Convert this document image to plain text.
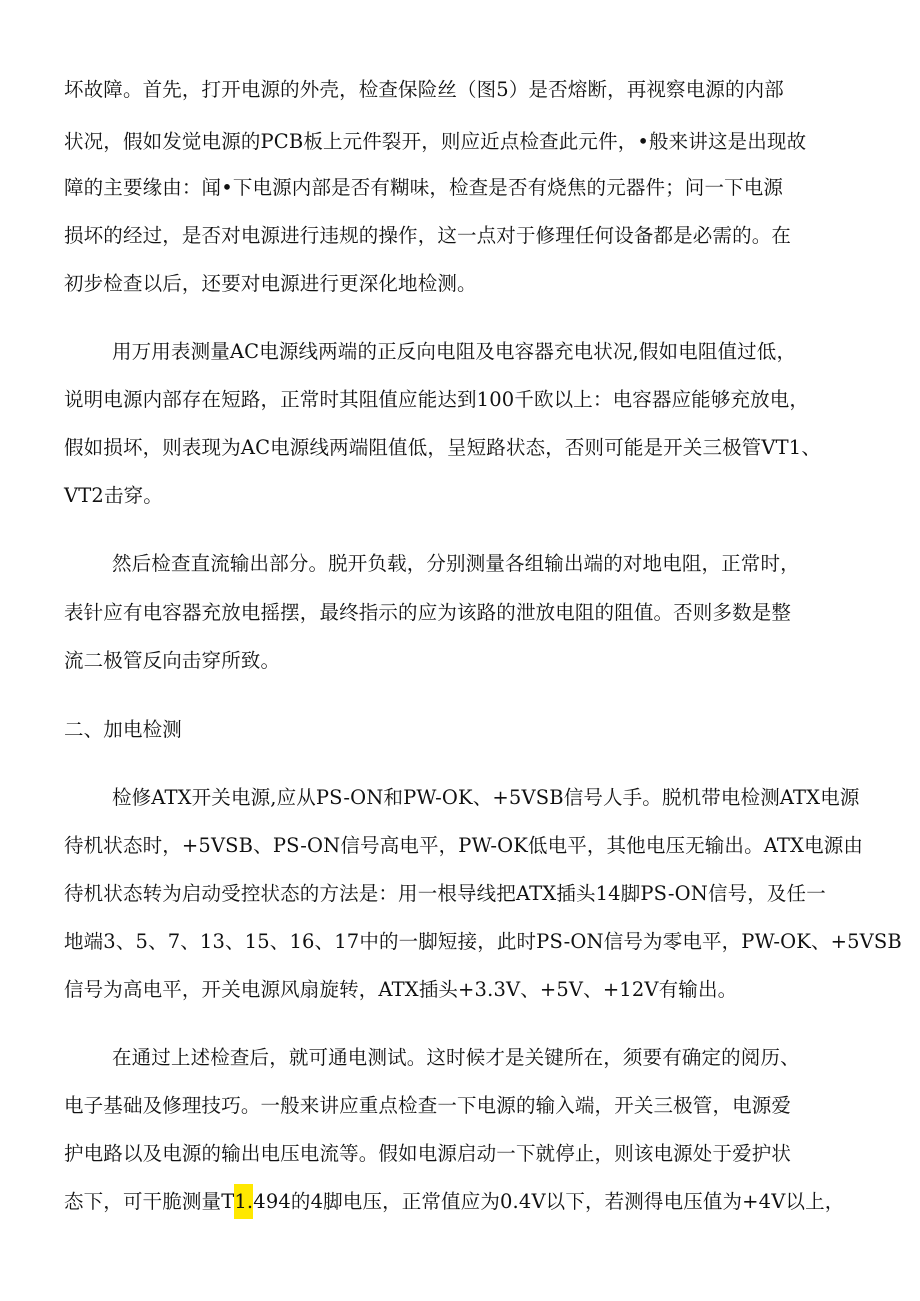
坏故障。首先，打开电源的外壳，检查保险丝（图5）是否熔断，再视察电源的内部
状况，假如发觉电源的PCB板上元件裂开，则应近点检查此元件，•般来讲这是出现故
障的主要缘由：闻•下电源内部是否有糊味，检查是否有烧焦的元器件；问一下电源
损坏的经过，是否对电源进行违规的操作，这一点对于修理任何设备都是必需的。在
初步检查以后，还要对电源进行更深化地检测。
用万用表测量AC电源线两端的正反向电阻及电容器充电状况,假如电阻值过低，
说明电源内部存在短路，正常时其阻值应能达到100千欧以上：电容器应能够充放电，
假如损坏，则表现为AC电源线两端阻值低，呈短路状态，否则可能是开关三极管VT1、
VT2击穿。
然后检查直流输出部分。脱开负载，分别测量各组输出端的对地电阻，正常时，
表针应有电容器充放电摇摆，最终指示的应为该路的泄放电阻的阻值。否则多数是整
流二极管反向击穿所致。
二、加电检测
检修ATX开关电源,应从PS-ON和PW-OK、+5VSB信号人手。脱机带电检测ATX电源
待机状态时，+5VSB、PS-ON信号高电平，PW-OK低电平，其他电压无输出。ATX电源由
待机状态转为启动受控状态的方法是：用一根导线把ATX插头14脚PS-ON信号，及任一
地端3、5、7、13、15、16、17中的一脚短接，此时PS-ON信号为零电平，PW-OK、+5VSB
信号为高电平，开关电源风扇旋转，ATX插头+3.3V、+5V、+12V有输出。
在通过上述检查后，就可通电测试。这时候才是关键所在，须要有确定的阅历、
电子基础及修理技巧。一般来讲应重点检查一下电源的输入端，开关三极管，电源爱
护电路以及电源的输出电压电流等。假如电源启动一下就停止，则该电源处于爱护状
态下，可干脆测量T1.494的4脚电压，正常值应为0.4V以下，若测得电压值为+4V以上，
